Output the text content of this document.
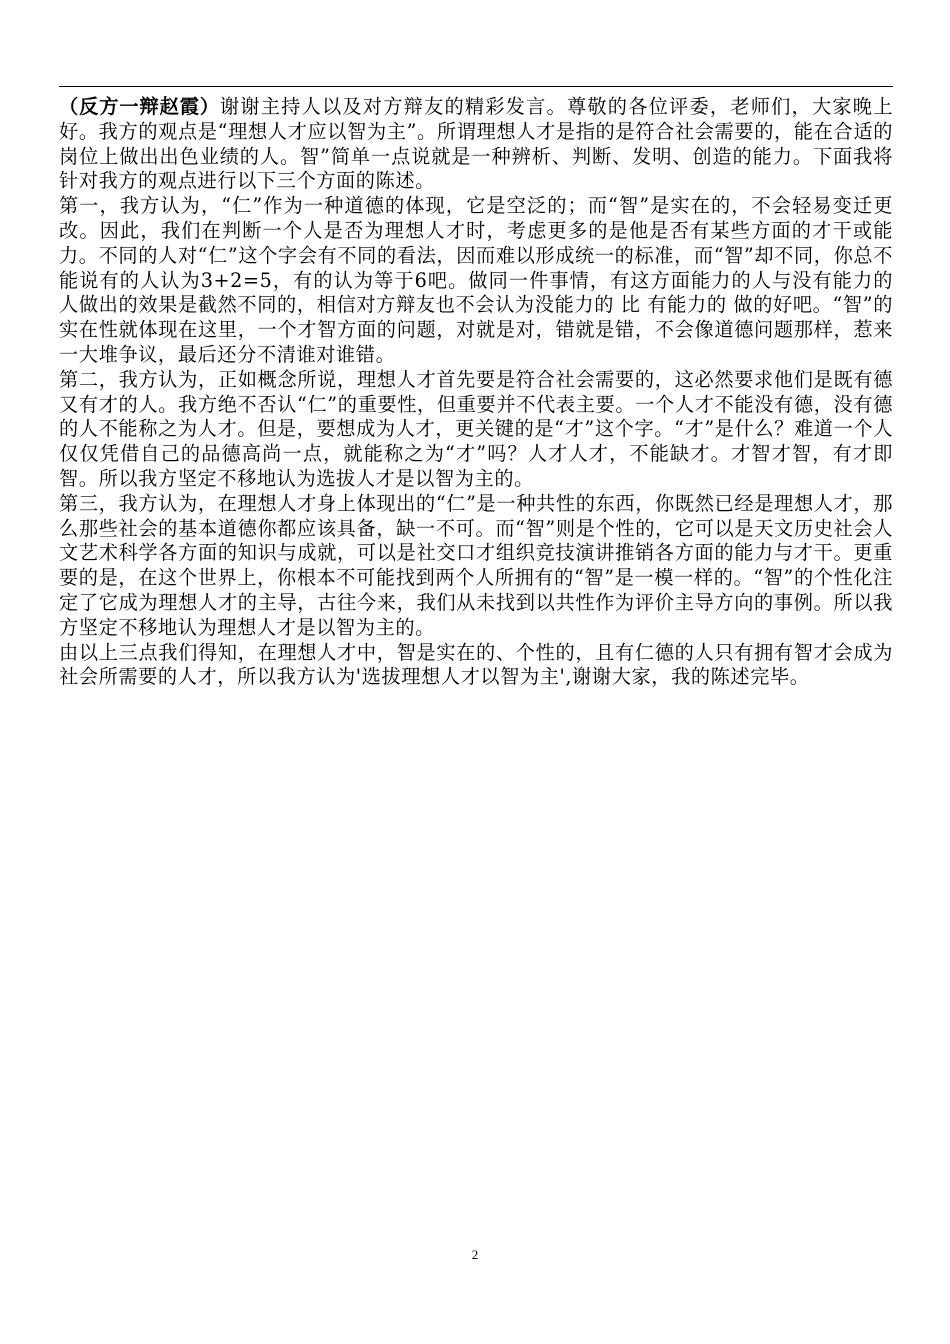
（反方一辩赵霞）谢谢主持人以及对方辩友的精彩发言。尊敬的各位评委，老师们，大家晚上好。我方的观点是“理想人才应以智为主”。所谓理想人才是指的是符合社会需要的，能在合适的岗位上做出出色业绩的人。智”简单一点说就是一种辨析、判断、发明、创造的能力。下面我将针对我方的观点进行以下三个方面的陈述。

第一，我方认为，“仁”作为一种道德的体现，它是空泛的；而“智”是实在的，不会轻易变迁更改。因此，我们在判断一个人是否为理想人才时，考虑更多的是他是否有某些方面的才干或能力。不同的人对“仁”这个字会有不同的看法，因而难以形成统一的标准，而“智”却不同，你总不能说有的人认为3+2=5，有的认为等于6吧。做同一件事情，有这方面能力的人与没有能力的人做出的效果是截然不同的，相信对方辩友也不会认为没能力的 比 有能力的 做的好吧。“智”的实在性就体现在这里，一个才智方面的问题，对就是对，错就是错，不会像道德问题那样，惹来一大堆争议，最后还分不清谁对谁错。

第二，我方认为，正如概念所说，理想人才首先要是符合社会需要的，这必然要求他们是既有德又有才的人。我方绝不否认“仁”的重要性，但重要并不代表主要。一个人才不能没有德，没有德的人不能称之为人才。但是，要想成为人才，更关键的是“才”这个字。“才”是什么？难道一个人仅仅凭借自己的品德高尚一点，就能称之为“才”吗？人才人才，不能缺才。才智才智，有才即智。所以我方坚定不移地认为选拔人才是以智为主的。

第三，我方认为，在理想人才身上体现出的“仁”是一种共性的东西，你既然已经是理想人才，那么那些社会的基本道德你都应该具备，缺一不可。而“智”则是个性的，它可以是天文历史社会人文艺术科学各方面的知识与成就，可以是社交口才组织竞技演讲推销各方面的能力与才干。更重要的是，在这个世界上，你根本不可能找到两个人所拥有的“智”是一模一样的。“智”的个性化注定了它成为理想人才的主导，古往今来，我们从未找到以共性作为评价主导方向的事例。所以我方坚定不移地认为理想人才是以智为主的。

由以上三点我们得知，在理想人才中，智是实在的、个性的，且有仁德的人只有拥有智才会成为社会所需要的人才，所以我方认为'选拔理想人才以智为主',谢谢大家，我的陈述完毕。

2
